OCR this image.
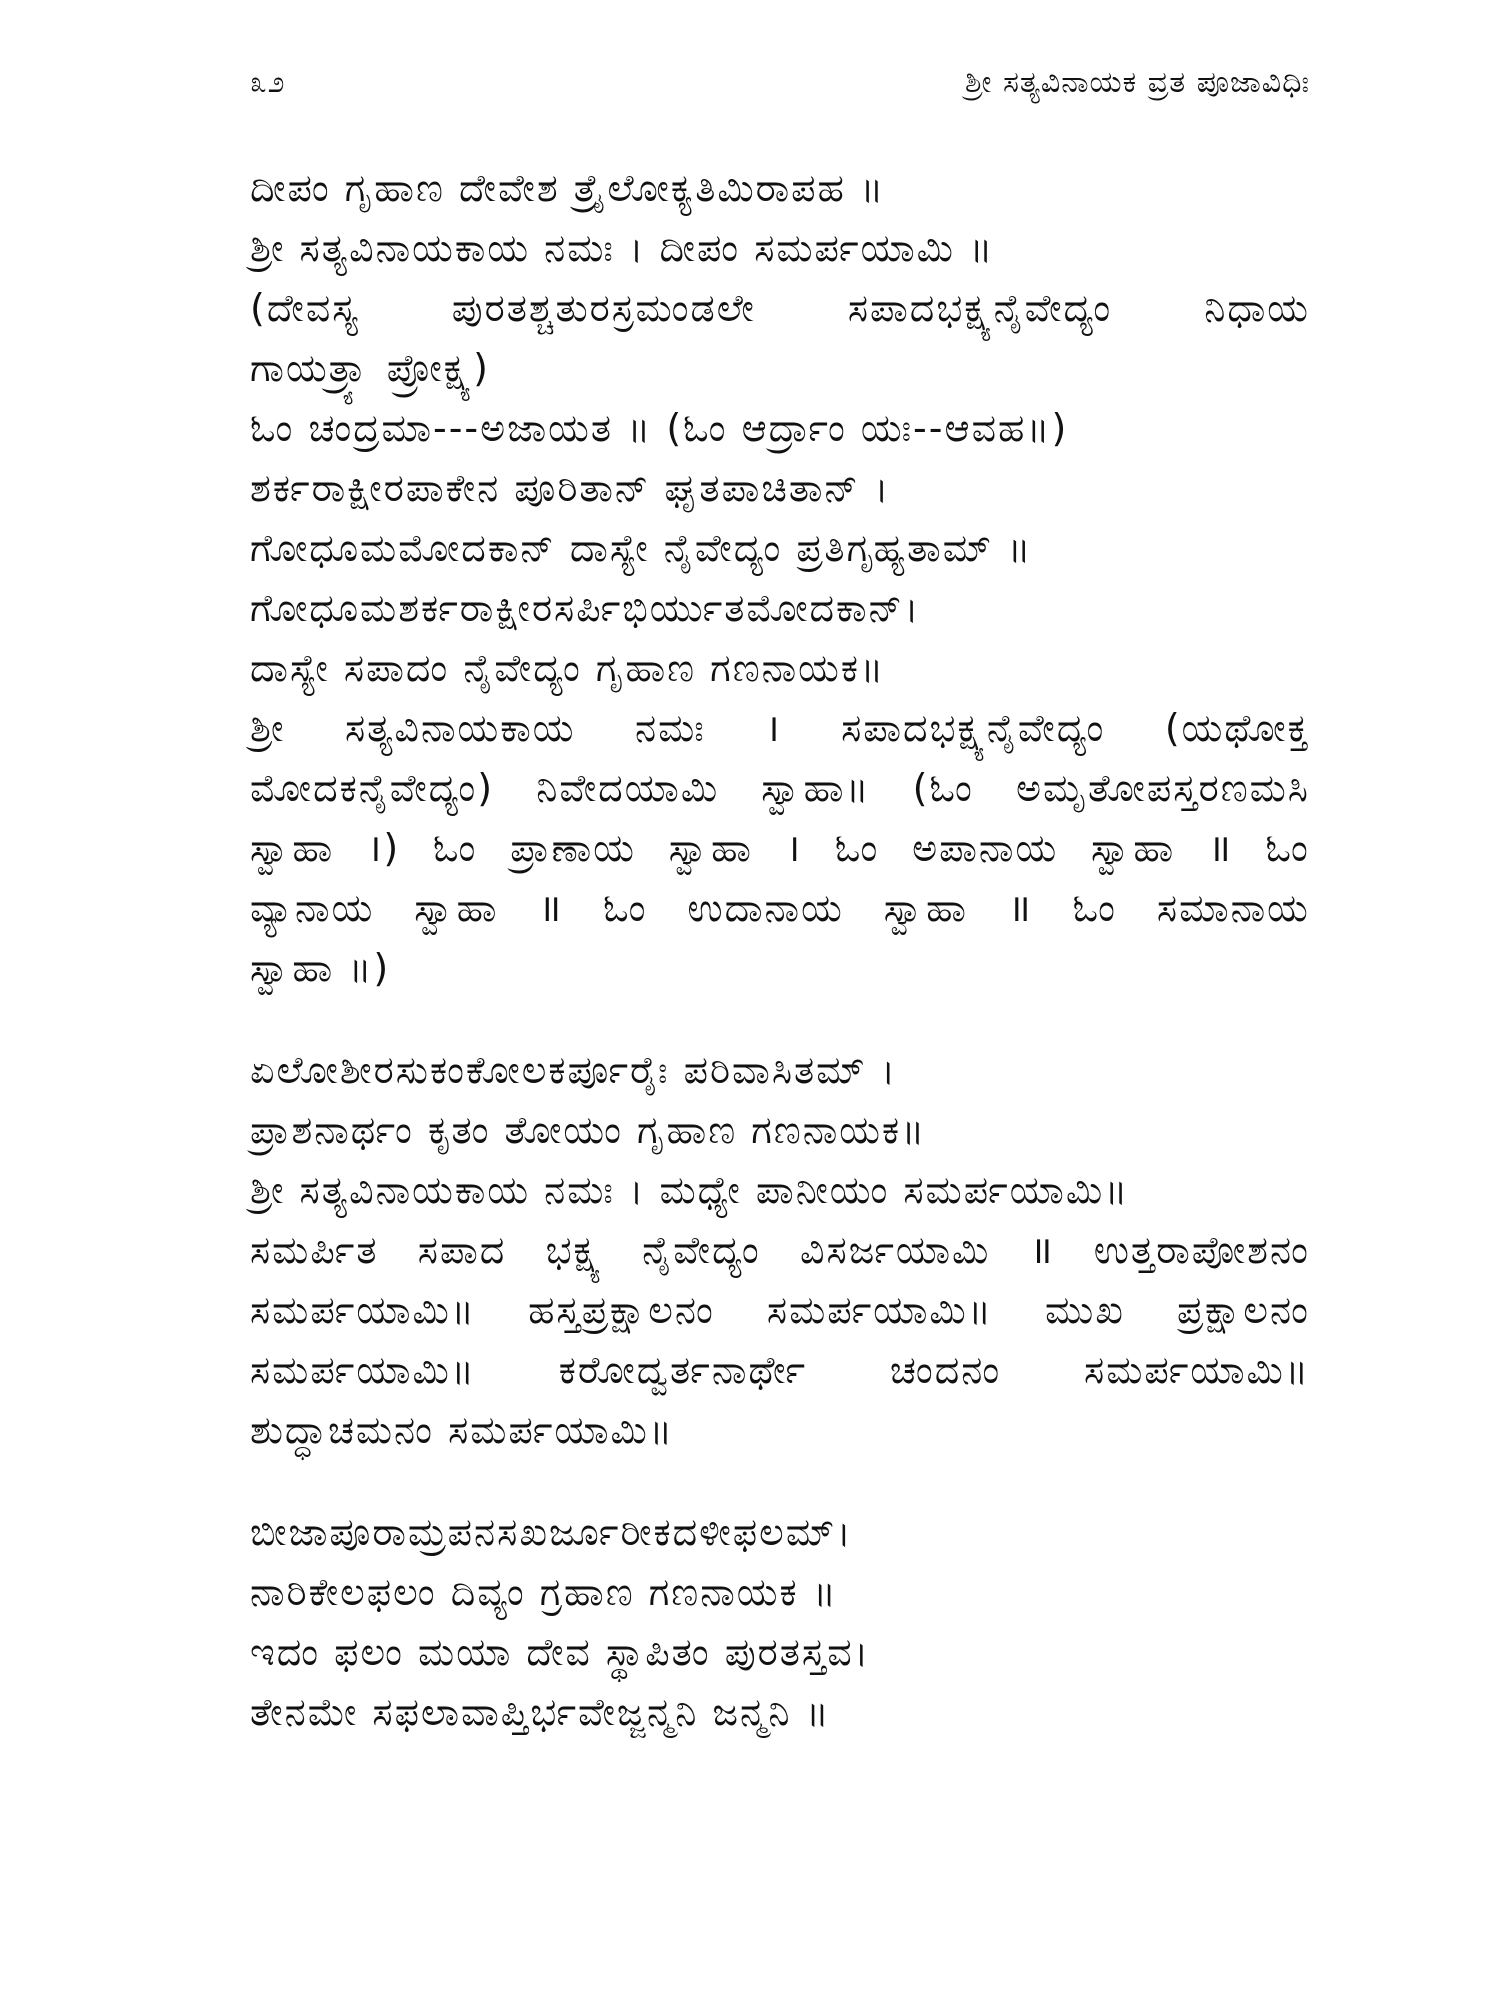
೩೨	ಶ್ರೀ ಸತ್ಯವಿನಾಯಕ ವ್ರತ ಪೂಜಾವಿಧಿಃ
ದೀಪಂ ಗೃಹಾಣ ದೇವೇಶ ತ್ರೈಲೋಕ್ಯತಿಮಿರಾಪಹ ॥
ಶ್ರೀ ಸತ್ಯವಿನಾಯಕಾಯ ನಮಃ । ದೀಪಂ ಸಮರ್ಪಯಾಮಿ ॥
(ದೇವಸ್ಯ ಪುರತಶ್ಚತುರಸ್ರಮಂಡಲೇ ಸಪಾದಭಕ್ಷ್ಯನೈವೇದ್ಯಂ ನಿಧಾಯ
ಗಾಯತ್ರ್ಯಾ ಪ್ರೋಕ್ಷ್ಯ)
ಓಂ ಚಂದ್ರಮಾ---ಅಜಾಯತ ॥ (ಓಂ ಆರ್ದ್ರಾಂ ಯಃ--ಆವಹ॥)
ಶರ್ಕರಾಕ್ಷೀರಪಾಕೇನ ಪೂರಿತಾನ್ ಘೃತಪಾಚಿತಾನ್ ।
ಗೋಧೂಮಮೋದಕಾನ್ ದಾಸ್ಯೇ ನೈವೇದ್ಯಂ ಪ್ರತಿಗೃಹ್ಯತಾಮ್ ॥
ಗೋಧೂಮಶರ್ಕರಾಕ್ಷೀರಸರ್ಪಿಭಿರ್ಯುತಮೋದಕಾನ್।
ದಾಸ್ಯೇ ಸಪಾದಂ ನೈವೇದ್ಯಂ ಗೃಹಾಣ ಗಣನಾಯಕ॥
ಶ್ರೀ ಸತ್ಯವಿನಾಯಕಾಯ ನಮಃ । ಸಪಾದಭಕ್ಷ್ಯನೈವೇದ್ಯಂ (ಯಥೋಕ್ತ
ಮೋದಕನೈವೇದ್ಯಂ) ನಿವೇದಯಾಮಿ ಸ್ವಾಹಾ॥ (ಓಂ ಅಮೃತೋಪಸ್ತರಣಮಸಿ
ಸ್ವಾಹಾ ।) ಓಂ ಪ್ರಾಣಾಯ ಸ್ವಾಹಾ । ಓಂ ಅಪಾನಾಯ ಸ್ವಾಹಾ ॥ ಓಂ
ವ್ಯಾನಾಯ ಸ್ವಾಹಾ ॥ ಓಂ ಉದಾನಾಯ ಸ್ವಾಹಾ ॥ ಓಂ ಸಮಾನಾಯ
ಸ್ವಾಹಾ ॥)
ಏಲೋಶೀರಸುಕಂಕೋಲಕರ್ಪೂರೈಃ ಪರಿವಾಸಿತಮ್ ।
ಪ್ರಾಶನಾರ್ಥಂ ಕೃತಂ ತೋಯಂ ಗೃಹಾಣ ಗಣನಾಯಕ॥
ಶ್ರೀ ಸತ್ಯವಿನಾಯಕಾಯ ನಮಃ । ಮಧ್ಯೇ ಪಾನೀಯಂ ಸಮರ್ಪಯಾಮಿ॥
ಸಮರ್ಪಿತ ಸಪಾದ ಭಕ್ಷ್ಯ ನೈವೇದ್ಯಂ ವಿಸರ್ಜಯಾಮಿ ॥ ಉತ್ತರಾಪೋಶನಂ
ಸಮರ್ಪಯಾಮಿ॥ ಹಸ್ತಪ್ರಕ್ಷಾಲನಂ ಸಮರ್ಪಯಾಮಿ॥ ಮುಖ ಪ್ರಕ್ಷಾಲನಂ
ಸಮರ್ಪಯಾಮಿ॥ ಕರೋದ್ವರ್ತನಾರ್ಥೇ ಚಂದನಂ ಸಮರ್ಪಯಾಮಿ॥
ಶುದ್ಧಾಚಮನಂ ಸಮರ್ಪಯಾಮಿ॥
ಬೀಜಾಪೂರಾಮ್ರಪನಸಖರ್ಜೂರೀಕದಳೀಫಲಮ್।
ನಾರಿಕೇಲಫಲಂ ದಿವ್ಯಂ ಗ್ರಹಾಣ ಗಣನಾಯಕ ॥
ಇದಂ ಫಲಂ ಮಯಾ ದೇವ ಸ್ಥಾಪಿತಂ ಪುರತಸ್ತವ।
ತೇನಮೇ ಸಫಲಾವಾಪ್ತಿರ್ಭವೇಜ್ಜನ್ಮನಿ ಜನ್ಮನಿ ॥
